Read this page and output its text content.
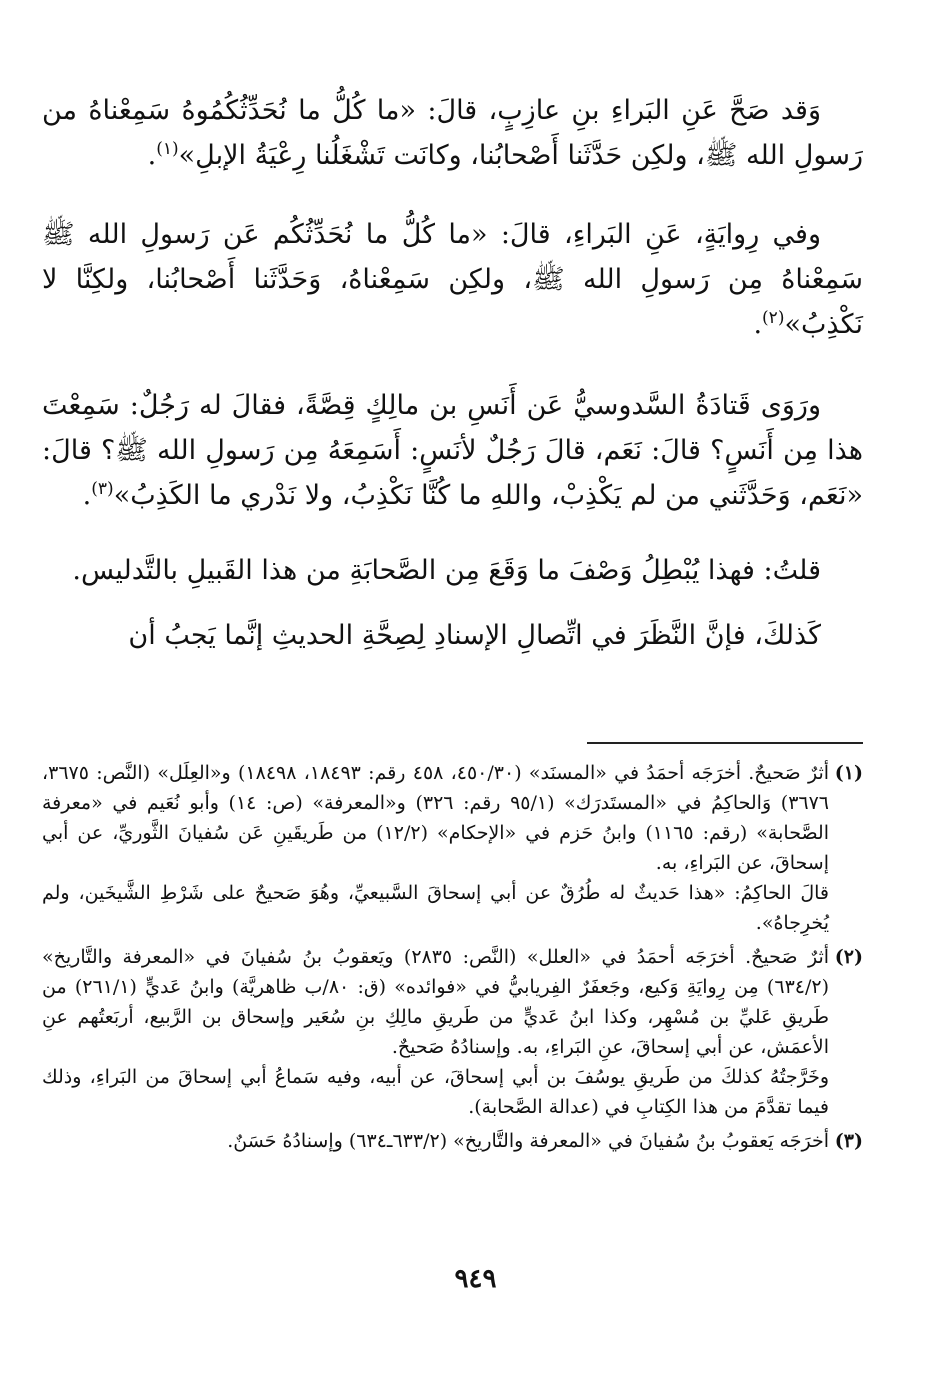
وَقد صَحَّ عَنِ البَراءِ بنِ عازِبٍ، قالَ: «ما كُلُّ ما نُحَدِّثُكُمُوهُ سَمِعْناهُ من رَسولِ الله ﷺ، ولكِن حَدَّثَنا أَصْحابُنا، وكانَت تَشْغَلُنا رِعْيَةُ الإبلِ»$^{(١)}$.

وفي رِوايَةٍ، عَنِ البَراءِ، قالَ: «ما كُلُّ ما نُحَدِّثُكُم عَن رَسولِ الله ﷺ سَمِعْناهُ مِن رَسولِ الله ﷺ، ولكِن سَمِعْناهُ، وَحَدَّثَنا أَصْحابُنا، ولكِنَّا لا نَكْذِبُ»$^{(٢)}$.

ورَوَى قَتادَةُ السَّدوسيُّ عَن أَنَسِ بن مالِكٍ قِصَّةً، فقالَ له رَجُلٌ: سَمِعْتَ هذا مِن أَنَسٍ؟ قالَ: نَعَم، قالَ رَجُلٌ لأنَسٍ: أَسَمِعَهُ مِن رَسولِ الله ﷺ؟ قالَ: «نَعَم، وَحَدَّثَني من لم يَكْذِبْ، واللهِ ما كُنَّا نَكْذِبُ، ولا نَدْري ما الكَذِبُ»$^{(٣)}$.

قلتُ: فهذا يُبْطِلُ وَصْفَ ما وَقَعَ مِن الصَّحابَةِ من هذا القَبيلِ بالتَّدليس.

كَذلكَ، فإنَّ النَّظَرَ في اتِّصالِ الإسنادِ لِصِحَّةِ الحديثِ إنَّما يَجبُ أن

(١)

أثرٌ صَحيحٌ. أخرَجَه أحمَدُ في «المسنَد» (٤٥٠/٣٠، ٤٥٨ رقم: ١٨٤٩٣، ١٨٤٩٨) و«العِلَل» (النَّص: ٣٦٧٥، ٣٦٧٦) وَالحاكِمُ في «المستَدرَك» (٩٥/١ رقم: ٣٢٦) و«المعرفة» (ص: ١٤) وأبو نُعَيم في «معرفة الصَّحابة» (رقم: ١١٦٥) وابنُ حَزم في «الإحكام» (١٢/٢) من طَريقَينِ عَن سُفيانَ الثَّوريِّ، عن أبي إسحاقَ، عن البَراءِ، به.

قالَ الحاكِمُ: «هذا حَديثٌ له طُرُقٌ عن أبي إسحاقَ السَّبيعيِّ، وهُوَ صَحيحٌ على شَرْطِ الشَّيخَين، ولم يُخرِجاهُ».

(٢)

أثرٌ صَحيحٌ. أخرَجَه أحمَدُ في «العلل» (النَّص: ٢٨٣٥) ويَعقوبُ بنُ سُفيانَ في «المعرفة والتَّاريخ» (٦٣٤/٢) مِن رِوايَةِ وَكيع، وجَعفَرٌ الفِريابيُّ في «فوائده» (ق: ٨٠/ب ظاهريَّة) وابنُ عَديٍّ (٢٦١/١) من طَريقِ عَليِّ بن مُسْهِر، وكذا ابنُ عَديٍّ من طَريقِ مالِكِ بنِ سُعَير وإسحاق بن الرَّبيع، أربَعتُهم عنِ الأعمَش، عن أبي إسحاقَ، عنِ البَراءِ، به. وإسنادُهُ صَحيحٌ.

وخَرَّجتُهُ كذلكَ من طَريقِ يوسُفَ بن أبي إسحاقَ، عن أبيه، وفيه سَماعُ أبي إسحاقَ من البَراءِ، وذلك فيما تقدَّمَ من هذا الكِتابِ في (عدالة الصَّحابة).

(٣)

أخرَجَه يَعقوبُ بنُ سُفيانَ في «المعرفة والتَّاريخ» (٦٣٣/٢ـ٦٣٤) وإسنادُهُ حَسَنٌ.

٩٤٩
